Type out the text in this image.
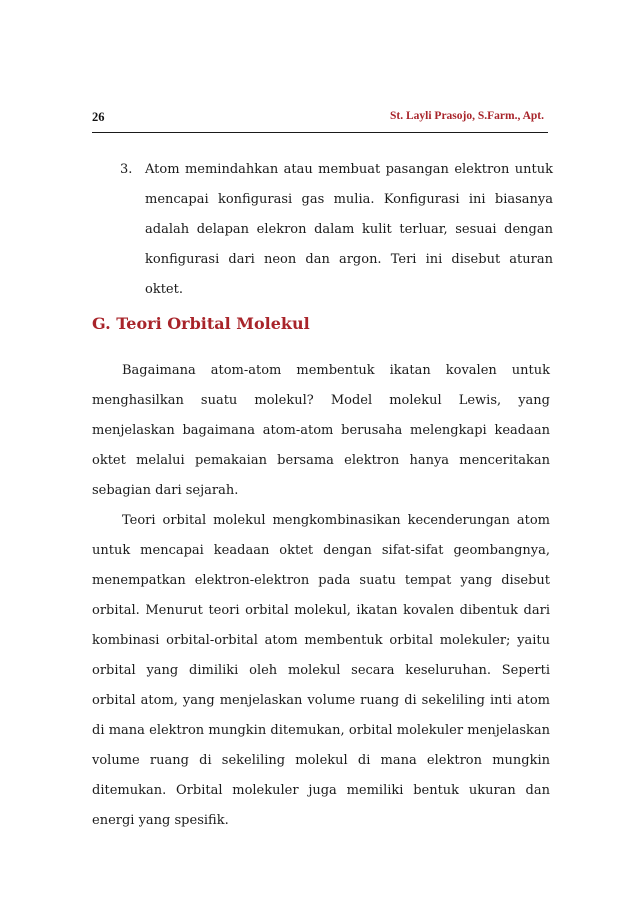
26	St. Layli Prasojo, S.Farm., Apt.
3. Atom memindahkan atau membuat pasangan elektron untuk mencapai konfigurasi gas mulia. Konfigurasi ini biasanya adalah delapan elekron dalam kulit terluar, sesuai dengan konfigurasi dari neon dan argon. Teri ini disebut aturan oktet.
G. Teori Orbital Molekul

Bagaimana atom-atom membentuk ikatan kovalen untuk menghasilkan suatu molekul? Model molekul Lewis, yang menjelaskan bagaimana atom-atom berusaha melengkapi keadaan oktet melalui pemakaian bersama elektron hanya menceritakan sebagian dari sejarah.

Teori orbital molekul mengkombinasikan kecenderungan atom untuk mencapai keadaan oktet dengan sifat-sifat geombangnya, menempatkan elektron-elektron pada suatu tempat yang disebut orbital. Menurut teori orbital molekul, ikatan kovalen dibentuk dari kombinasi orbital-orbital atom membentuk orbital molekuler; yaitu orbital yang dimiliki oleh molekul secara keseluruhan. Seperti orbital atom, yang menjelaskan volume ruang di sekeliling inti atom di mana elektron mungkin ditemukan, orbital molekuler menjelaskan volume ruang di sekeliling molekul di mana elektron mungkin ditemukan. Orbital molekuler juga memiliki bentuk ukuran dan energi yang spesifik.
